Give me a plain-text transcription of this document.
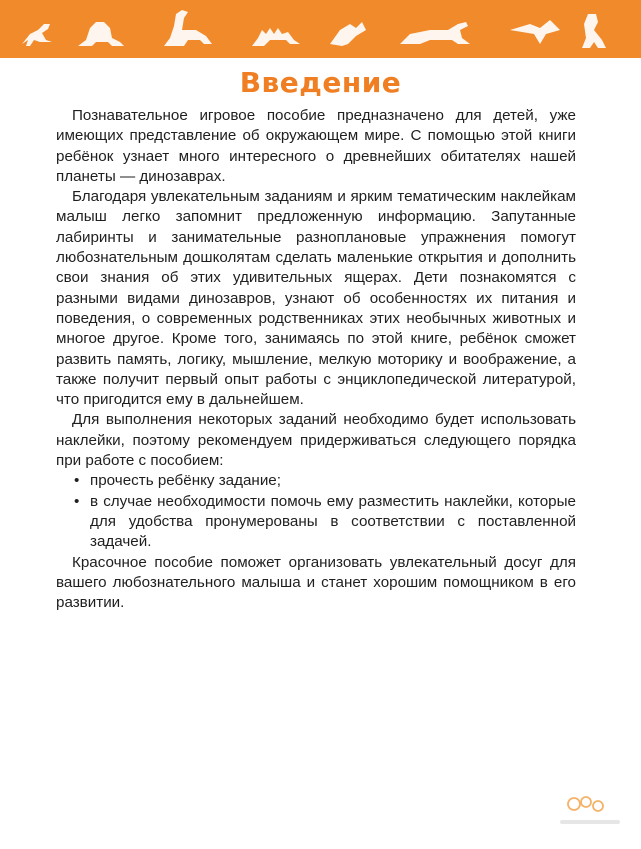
Введение

Познавательное игровое пособие предназначено для детей, уже имеющих представление об окружающем мире. С помощью этой книги ребёнок узнает много интересного о древнейших обитателях нашей планеты — динозаврах.

Благодаря увлекательным заданиям и ярким тематическим наклейкам малыш легко запомнит предложенную информацию. Запутанные лабиринты и занимательные разноплановые упражнения помогут любознательным дошколятам сделать маленькие открытия и дополнить свои знания об этих удивительных ящерах. Дети познакомятся с разными видами динозавров, узнают об особенностях их питания и поведения, о современных родственниках этих необычных животных и многое другое. Кроме того, занимаясь по этой книге, ребёнок сможет развить память, логику, мышление, мелкую моторику и воображение, а также получит первый опыт работы с энциклопедической литературой, что пригодится ему в дальнейшем.

Для выполнения некоторых заданий необходимо будет использовать наклейки, поэтому рекомендуем придерживаться следующего порядка при работе с пособием:

• прочесть ребёнку задание;
• в случае необходимости помочь ему разместить наклейки, которые для удобства пронумерованы в соответствии с поставленной задачей.

Красочное пособие поможет организовать увлекательный досуг для вашего любознательного малыша и станет хорошим помощником в его развитии.
